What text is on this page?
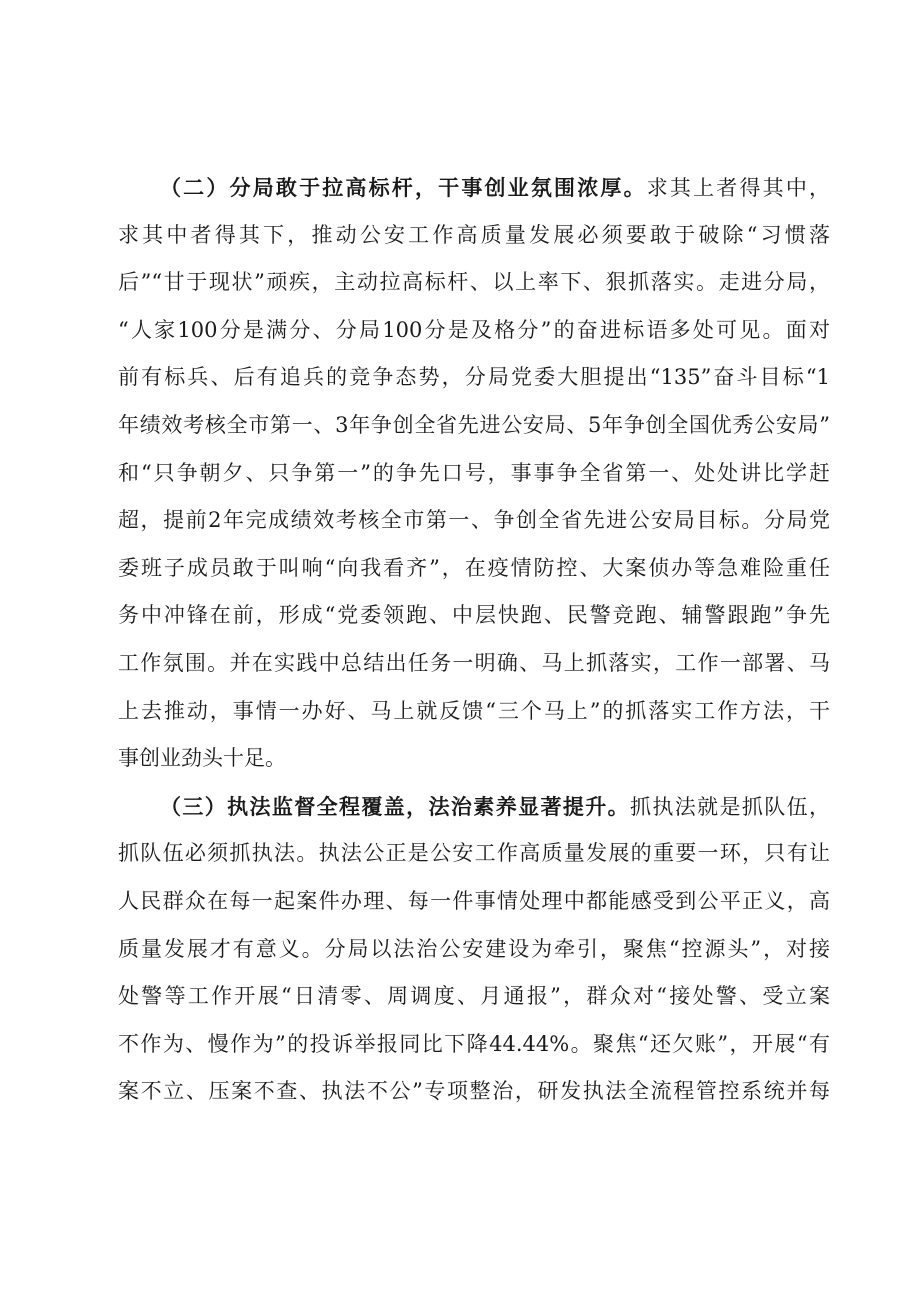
（二）分局敢于拉高标杆，干事创业氛围浓厚。求其上者得其中，
求其中者得其下，推动公安工作高质量发展必须要敢于破除“习惯落
后”“甘于现状”顽疾，主动拉高标杆、以上率下、狠抓落实。走进分局，
“人家100分是满分、分局100分是及格分”的奋进标语多处可见。面对
前有标兵、后有追兵的竞争态势，分局党委大胆提出“135”奋斗目标“1
年绩效考核全市第一、3年争创全省先进公安局、5年争创全国优秀公安局”
和“只争朝夕、只争第一”的争先口号，事事争全省第一、处处讲比学赶
超，提前2年完成绩效考核全市第一、争创全省先进公安局目标。分局党
委班子成员敢于叫响“向我看齐”，在疫情防控、大案侦办等急难险重任
务中冲锋在前，形成“党委领跑、中层快跑、民警竞跑、辅警跟跑”争先
工作氛围。并在实践中总结出任务一明确、马上抓落实，工作一部署、马
上去推动，事情一办好、马上就反馈“三个马上”的抓落实工作方法，干
事创业劲头十足。
（三）执法监督全程覆盖，法治素养显著提升。抓执法就是抓队伍，
抓队伍必须抓执法。执法公正是公安工作高质量发展的重要一环，只有让
人民群众在每一起案件办理、每一件事情处理中都能感受到公平正义，高
质量发展才有意义。分局以法治公安建设为牵引，聚焦“控源头”，对接
处警等工作开展“日清零、周调度、月通报”，群众对“接处警、受立案
不作为、慢作为”的投诉举报同比下降44.44%。聚焦“还欠账”，开展“有
案不立、压案不查、执法不公”专项整治，研发执法全流程管控系统并每
